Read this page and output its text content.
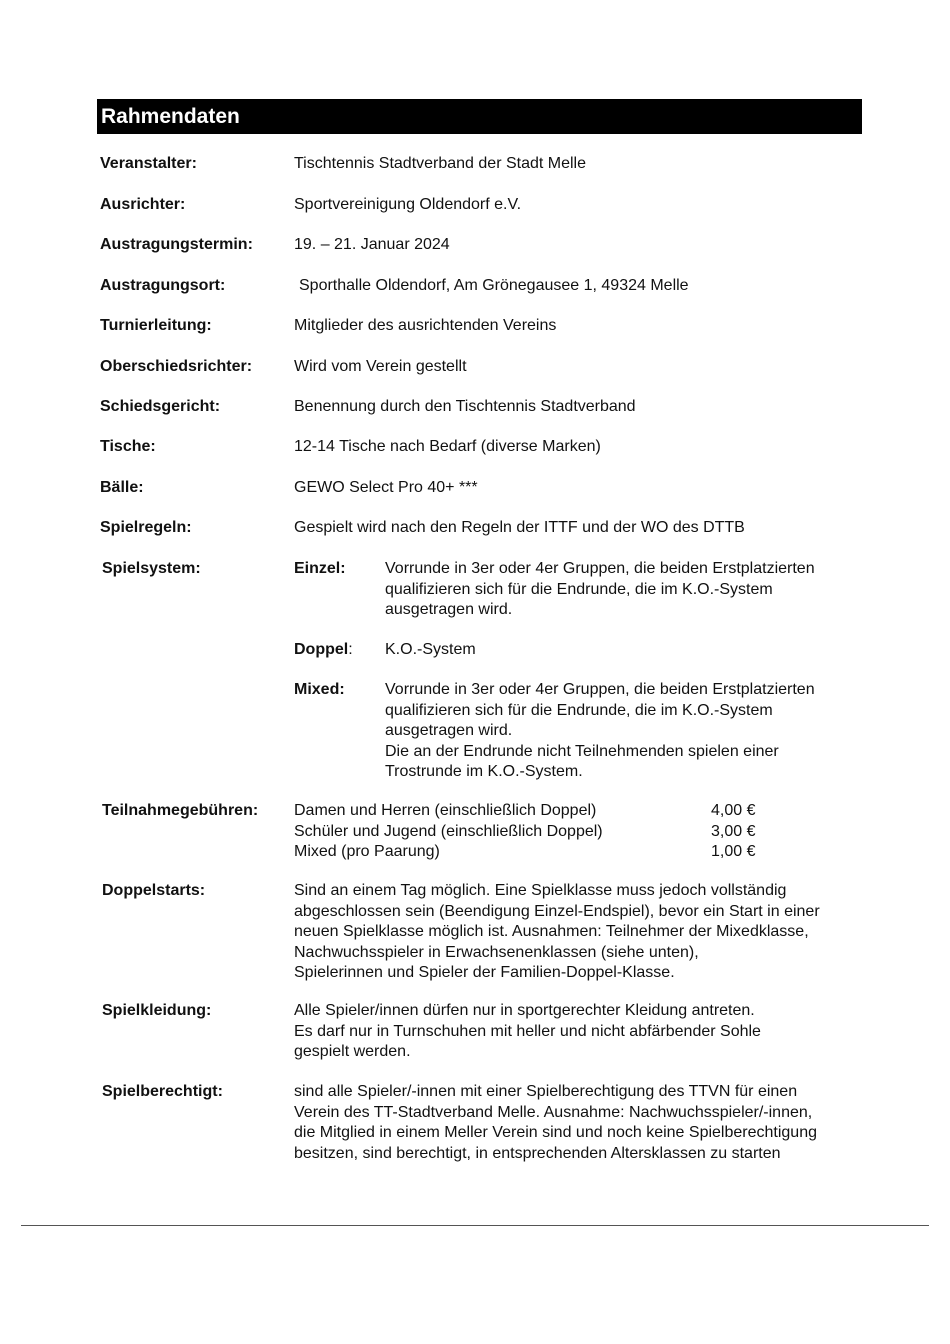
Rahmendaten
Veranstalter:	Tischtennis Stadtverband der Stadt Melle
Ausrichter:	Sportvereinigung Oldendorf e.V.
Austragungstermin:	19. – 21. Januar 2024
Austragungsort:	Sporthalle Oldendorf, Am Grönegausee 1, 49324 Melle
Turnierleitung:	Mitglieder des ausrichtenden Vereins
Oberschiedsrichter:	Wird vom Verein gestellt
Schiedsgericht:	Benennung durch den Tischtennis Stadtverband
Tische:	12-14 Tische nach Bedarf (diverse Marken)
Bälle:	GEWO Select Pro 40+ ***
Spielregeln:	Gespielt wird nach den Regeln der ITTF und der WO des DTTB
Spielsystem:	Einzel: Vorrunde in 3er oder 4er Gruppen, die beiden Erstplatzierten
qualifizieren sich für die Endrunde, die im K.O.-System
ausgetragen wird.
Doppel: K.O.-System
Mixed:	Vorrunde in 3er oder 4er Gruppen, die beiden Erstplatzierten
qualifizieren sich für die Endrunde, die im K.O.-System
ausgetragen wird.
Die an der Endrunde nicht Teilnehmenden spielen einer
Trostrunde im K.O.-System.
Teilnahmegebühren: Damen und Herren (einschließlich Doppel)	4,00 €
Schüler und Jugend (einschließlich Doppel)	3,00 €
Mixed (pro Paarung)	1,00 €
Doppelstarts:	Sind an einem Tag möglich. Eine Spielklasse muss jedoch vollständig
abgeschlossen sein (Beendigung Einzel-Endspiel), bevor ein Start in einer
neuen Spielklasse möglich ist. Ausnahmen: Teilnehmer der Mixedklasse,
Nachwuchsspieler in Erwachsenenklassen (siehe unten),
Spielerinnen und Spieler der Familien-Doppel-Klasse.
Spielkleidung:	Alle Spieler/innen dürfen nur in sportgerechter Kleidung antreten.
Es darf nur in Turnschuhen mit heller und nicht abfärbender Sohle
gespielt werden.
Spielberechtigt:	sind alle Spieler/-innen mit einer Spielberechtigung des TTVN für einen
Verein des TT-Stadtverband Melle. Ausnahme: Nachwuchsspieler/-innen,
die Mitglied in einem Meller Verein sind und noch keine Spielberechtigung
besitzen, sind berechtigt, in entsprechenden Altersklassen zu starten
